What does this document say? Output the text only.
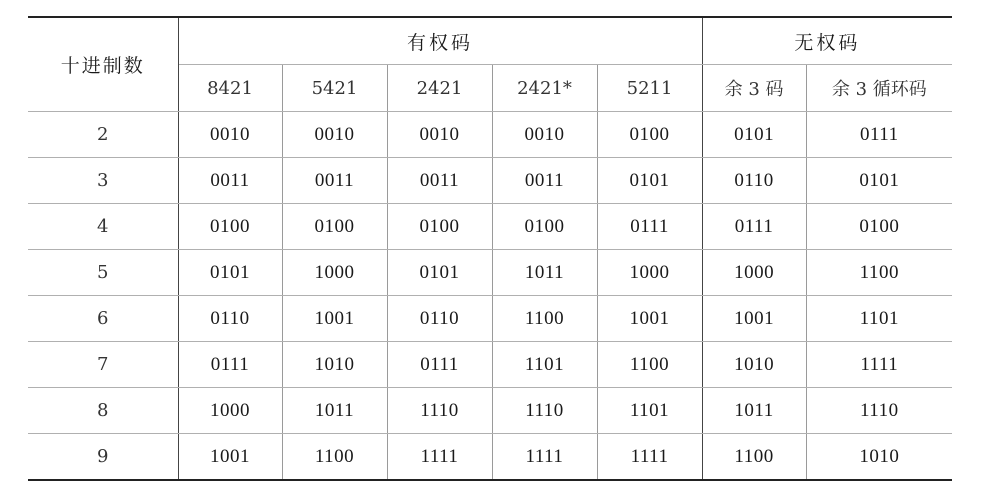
十进制数	有权码					无权码	
	8421	5421	2421	2421*	5211	余 3 码	余 3 循环码
2	0010	0010	0010	0010	0100	0101	0111
3	0011	0011	0011	0011	0101	0110	0101
4	0100	0100	0100	0100	0111	0111	0100
5	0101	1000	0101	1011	1000	1000	1100
6	0110	1001	0110	1100	1001	1001	1101
7	0111	1010	0111	1101	1100	1010	1111
8	1000	1011	1110	1110	1101	1011	1110
9	1001	1100	1111	1111	1111	1100	1010
